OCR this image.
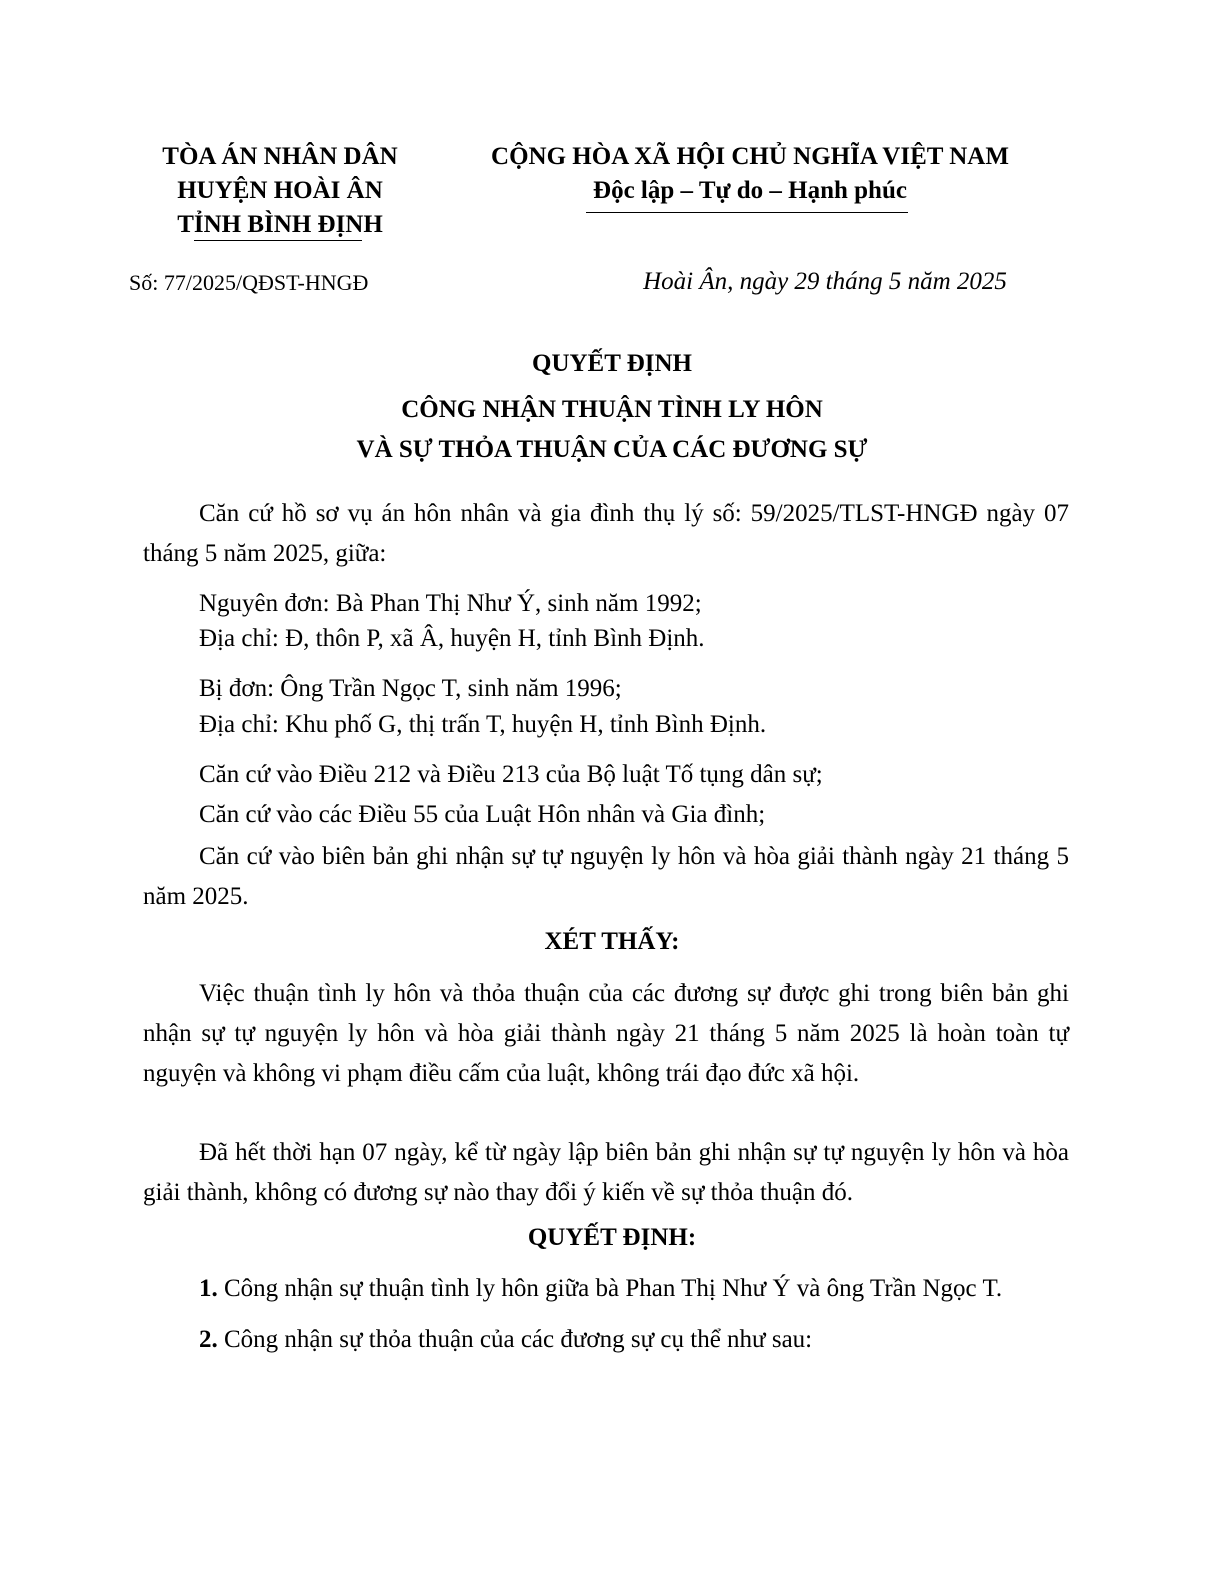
TÒA ÁN NHÂN DÂN
HUYỆN HOÀI ÂN
TỈNH BÌNH ĐỊNH
CỘNG HÒA XÃ HỘI CHỦ NGHĨA VIỆT NAM
Độc lập – Tự do – Hạnh phúc
Số: 77/2025/QĐST-HNGĐ	Hoài Ân, ngày 29 tháng 5 năm 2025
QUYẾT ĐỊNH
CÔNG NHẬN THUẬN TÌNH LY HÔN
VÀ SỰ THỎA THUẬN CỦA CÁC ĐƯƠNG SỰ
Căn cứ hồ sơ vụ án hôn nhân và gia đình thụ lý số: 59/2025/TLST-HNGĐ ngày 07 tháng 5 năm 2025, giữa:
Nguyên đơn: Bà Phan Thị Như Ý, sinh năm 1992;
Địa chỉ: Đ, thôn P, xã Â, huyện H, tỉnh Bình Định.
Bị đơn: Ông Trần Ngọc T, sinh năm 1996;
Địa chỉ: Khu phố G, thị trấn T, huyện H, tỉnh Bình Định.
Căn cứ vào Điều 212 và Điều 213 của Bộ luật Tố tụng dân sự;
Căn cứ vào các Điều 55 của Luật Hôn nhân và Gia đình;
Căn cứ vào biên bản ghi nhận sự tự nguyện ly hôn và hòa giải thành ngày 21 tháng 5 năm 2025.
XÉT THẤY:
Việc thuận tình ly hôn và thỏa thuận của các đương sự được ghi trong biên bản ghi nhận sự tự nguyện ly hôn và hòa giải thành ngày 21 tháng 5 năm 2025 là hoàn toàn tự nguyện và không vi phạm điều cấm của luật, không trái đạo đức xã hội.
Đã hết thời hạn 07 ngày, kể từ ngày lập biên bản ghi nhận sự tự nguyện ly hôn và hòa giải thành, không có đương sự nào thay đổi ý kiến về sự thỏa thuận đó.
QUYẾT ĐỊNH:
1. Công nhận sự thuận tình ly hôn giữa bà Phan Thị Như Ý và ông Trần Ngọc T.
2. Công nhận sự thỏa thuận của các đương sự cụ thể như sau:
